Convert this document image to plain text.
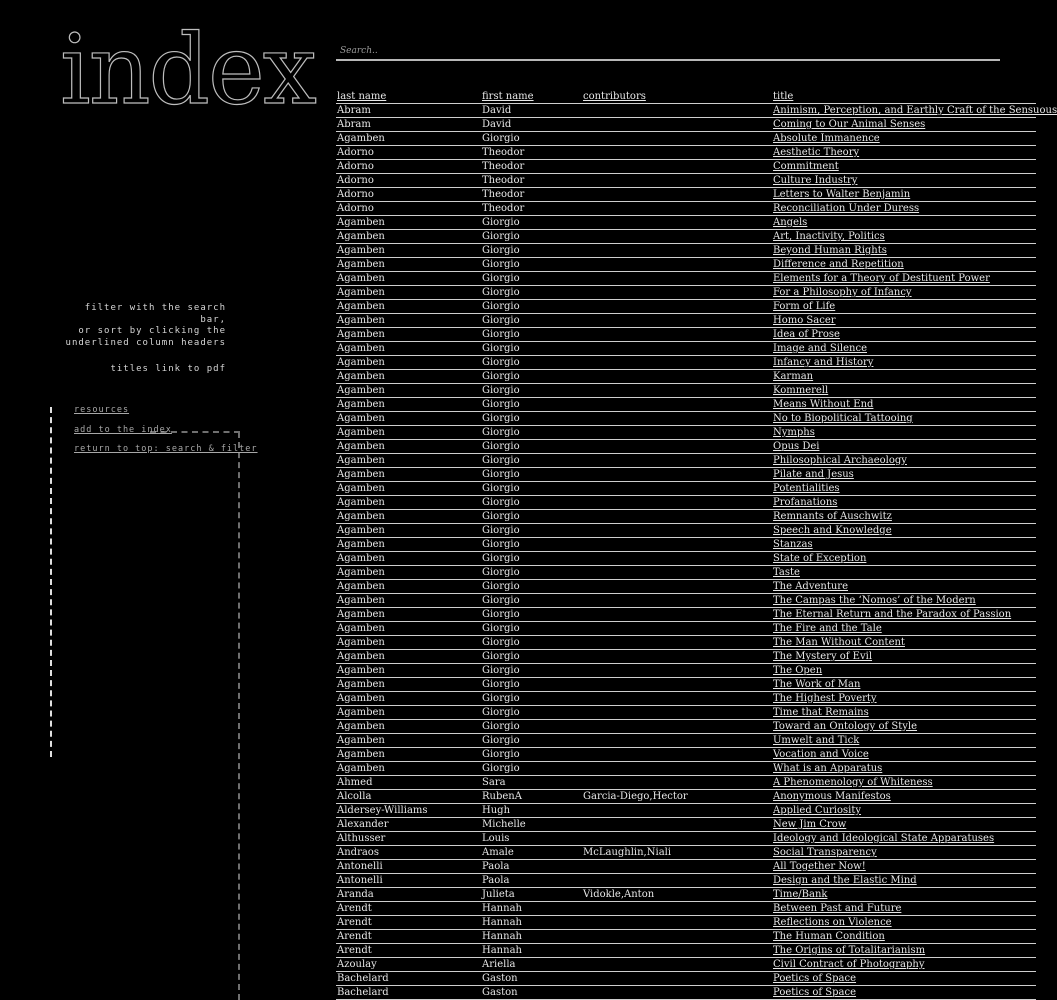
index
Search..
filter with the search bar,
or sort by clicking the
underlined column headers
titles link to pdf
resources
add to the index
return to top: search & filter
last name	first name	contributors	title
Abram	David		Animism, Perception, and Earthly Craft of the Sensuous
Abram	David		Coming to Our Animal Senses
Agamben	Giorgio		Absolute Immanence
Adorno	Theodor		Aesthetic Theory
Adorno	Theodor		Commitment
Adorno	Theodor		Culture Industry
Adorno	Theodor		Letters to Walter Benjamin
Adorno	Theodor		Reconciliation Under Duress
Agamben	Giorgio		Angels
Agamben	Giorgio		Art, Inactivity, Politics
Agamben	Giorgio		Beyond Human Rights
Agamben	Giorgio		Difference and Repetition
Agamben	Giorgio		Elements for a Theory of Destituent Power
Agamben	Giorgio		For a Philosophy of Infancy
Agamben	Giorgio		Form of Life
Agamben	Giorgio		Homo Sacer
Agamben	Giorgio		Idea of Prose
Agamben	Giorgio		Image and Silence
Agamben	Giorgio		Infancy and History
Agamben	Giorgio		Karman
Agamben	Giorgio		Kommerell
Agamben	Giorgio		Means Without End
Agamben	Giorgio		No to Biopolitical Tattooing
Agamben	Giorgio		Nymphs
Agamben	Giorgio		Opus Dei
Agamben	Giorgio		Philosophical Archaeology
Agamben	Giorgio		Pilate and Jesus
Agamben	Giorgio		Potentialities
Agamben	Giorgio		Profanations
Agamben	Giorgio		Remnants of Auschwitz
Agamben	Giorgio		Speech and Knowledge
Agamben	Giorgio		Stanzas
Agamben	Giorgio		State of Exception
Agamben	Giorgio		Taste
Agamben	Giorgio		The Adventure
Agamben	Giorgio		The Campas the ‘Nomos’ of the Modern
Agamben	Giorgio		The Eternal Return and the Paradox of Passion
Agamben	Giorgio		The Fire and the Tale
Agamben	Giorgio		The Man Without Content
Agamben	Giorgio		The Mystery of Evil
Agamben	Giorgio		The Open
Agamben	Giorgio		The Work of Man
Agamben	Giorgio		The Highest Poverty
Agamben	Giorgio		Time that Remains
Agamben	Giorgio		Toward an Ontology of Style
Agamben	Giorgio		Umwelt and Tick
Agamben	Giorgio		Vocation and Voice
Agamben	Giorgio		What is an Apparatus
Ahmed	Sara		A Phenomenology of Whiteness
Alcolla	RubenA	Garcia-Diego,Hector	Anonymous Manifestos
Aldersey-Williams	Hugh		Applied Curiosity
Alexander	Michelle		New Jim Crow
Althusser	Louis		Ideology and Ideological State Apparatuses
Andraos	Amale	McLaughlin,Niali	Social Transparency
Antonelli	Paola		All Together Now!
Antonelli	Paola		Design and the Elastic Mind
Aranda	Julieta	Vidokle,Anton	Time/Bank
Arendt	Hannah		Between Past and Future
Arendt	Hannah		Reflections on Violence
Arendt	Hannah		The Human Condition
Arendt	Hannah		The Origins of Totalitarianism
Azoulay	Ariella		Civil Contract of Photography
Bachelard	Gaston		Poetics of Space
Bachelard	Gaston		Poetics of Space
